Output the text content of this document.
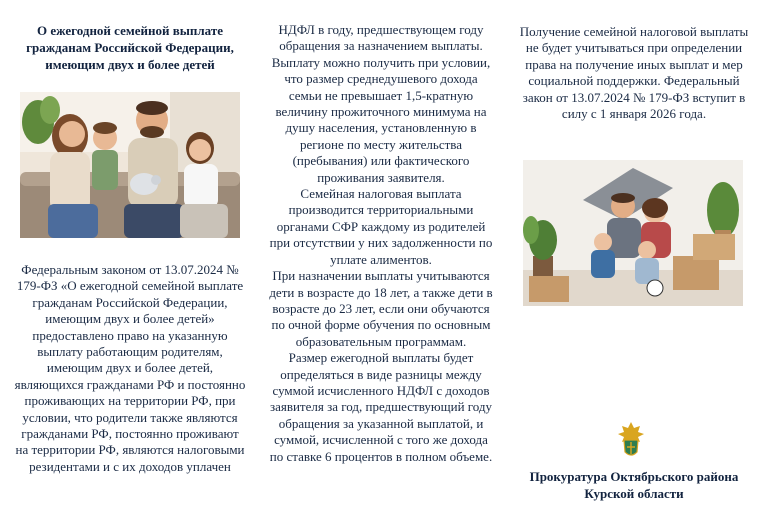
О ежегодной семейной выплате гражданам Российской Федерации, имеющим двух и более детей
Федеральным законом от 13.07.2024 № 179-ФЗ «О ежегодной семейной выплате гражданам Российской Федерации, имеющим двух и более детей» предоставлено право на указанную выплату работающим родителям, имеющим двух и более детей, являющихся гражданами РФ и постоянно проживающих на территории РФ, при условии, что родители также являются гражданами РФ, постоянно проживают на территории РФ, являются налоговыми резидентами и с их доходов уплачен

НДФЛ в году, предшествующем году обращения за назначением выплаты. Выплату можно получить при условии, что размер среднедушевого дохода семьи не превышает 1,5-кратную величину прожиточного минимума на душу населения, установленную в регионе по месту жительства (пребывания) или фактического проживания заявителя.

Семейная налоговая выплата производится территориальными органами СФР каждому из родителей при отсутствии у них задолженности по уплате алиментов.

При назначении выплаты учитываются дети в возрасте до 18 лет, а также дети в возрасте до 23 лет, если они обучаются по очной форме обучения по основным образовательным программам.

Размер ежегодной выплаты будет определяться в виде разницы между суммой исчисленного НДФЛ с доходов заявителя за год, предшествующий году обращения за указанной выплатой, и суммой, исчисленной с того же дохода по ставке 6 процентов в полном объеме.

Получение семейной налоговой выплаты не будет учитываться при определении права на получение иных выплат и мер социальной поддержки. Федеральный закон от 13.07.2024 № 179-ФЗ вступит в силу с 1 января 2026 года.
Прокуратура Октябрьского района Курской области
